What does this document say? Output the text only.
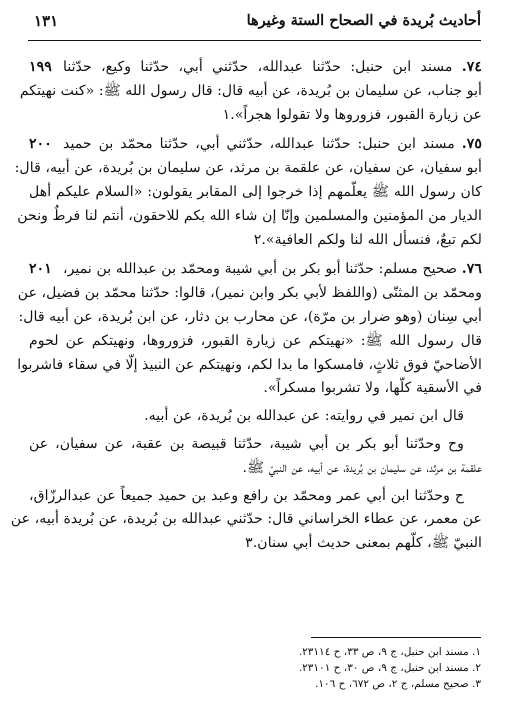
أحاديث بُريدة في الصحاح الستة وغيرها
١٣١
١٩٩	٧٤. مسند ابن حنبل: حدّثنا عبدالله، حدّثني أبي، حدّثنا وكيع، حدّثنا
أبو جناب، عن سليمان بن بُريدة، عن أبيه قال: قال رسول الله ﷺ: «كنت نهيتكم
عن زيارة القبور، فزوروها ولا تقولوا هجراً».١
٢٠٠	٧٥. مسند ابن حنبل: حدّثنا عبدالله، حدّثني أبي، حدّثنا محمّد بن حميد
أبو سفيان، عن سفيان، عن علقمة بن مرثد، عن سليمان بن بُريدة، عن أبيه، قال:
كان رسول الله ﷺ يعلّمهم إذا خرجوا إلى المقابر يقولون: «السلام عليكم أهل
الديار من المؤمنين والمسلمين وإنّا إن شاء الله بكم للاحقون، أنتم لنا فرطٌ ونحن
لكم تبعٌ، فنسأل الله لنا ولكم العافية».٢
٢٠١	٧٦. صحيح مسلم: حدّثنا أبو بكر بن أبي شيبة ومحمّد بن عبدالله بن نمير،
ومحمّد بن المثنّى (واللفظ لأبي بكر وابن نمير)، قالوا: حدّثنا محمّد بن فضيل، عن
أبي سِنان (وهو ضرار بن مرّة)، عن محارب بن دثار، عن ابن بُريدة، عن أبيه قال:
قال رسول الله ﷺ: «نهيتكم عن زيارة القبور، فزوروها، ونهيتكم عن لحوم
الأضاحيّ فوق ثلاثٍ، فامسكوا ما بدا لكم، ونهيتكم عن النبيذ إلّا في سقاء فاشربوا
في الأسقية كلّها، ولا تشربوا مسكراً».
قال ابن نمير في روايته: عن عبدالله بن بُريدة، عن أبيه.
وح وحدّثنا أبو بكر بن أبي شيبة، حدّثنا قبيصة بن عقبة، عن سفيان، عن
علقمة بن مرثد، عن سليمان بن بُريدة، عن أبيه، عن النبيّ ﷺ.
ح وحدّثنا ابن أبي عمر ومحمّد بن رافع وعبد بن حميد جميعاً عن عبدالرزّاق،
عن معمر، عن عطاء الخراساني قال: حدّثني عبدالله بن بُريدة، عن بُريدة أبيه، عن
النبيّ ﷺ، كلّهم بمعنى حديث أبي سنان.٣
١. مسند ابن حنبل، ج ٩، ص ٣٣، ح ٢٣١١٤.
٢. مسند ابن حنبل، ج ٩، ص ٣٠، ح ٢٣١٠١.
٣. صحيح مسلم، ج ٢، ص ٦٧٢، ح ١٠٦.
